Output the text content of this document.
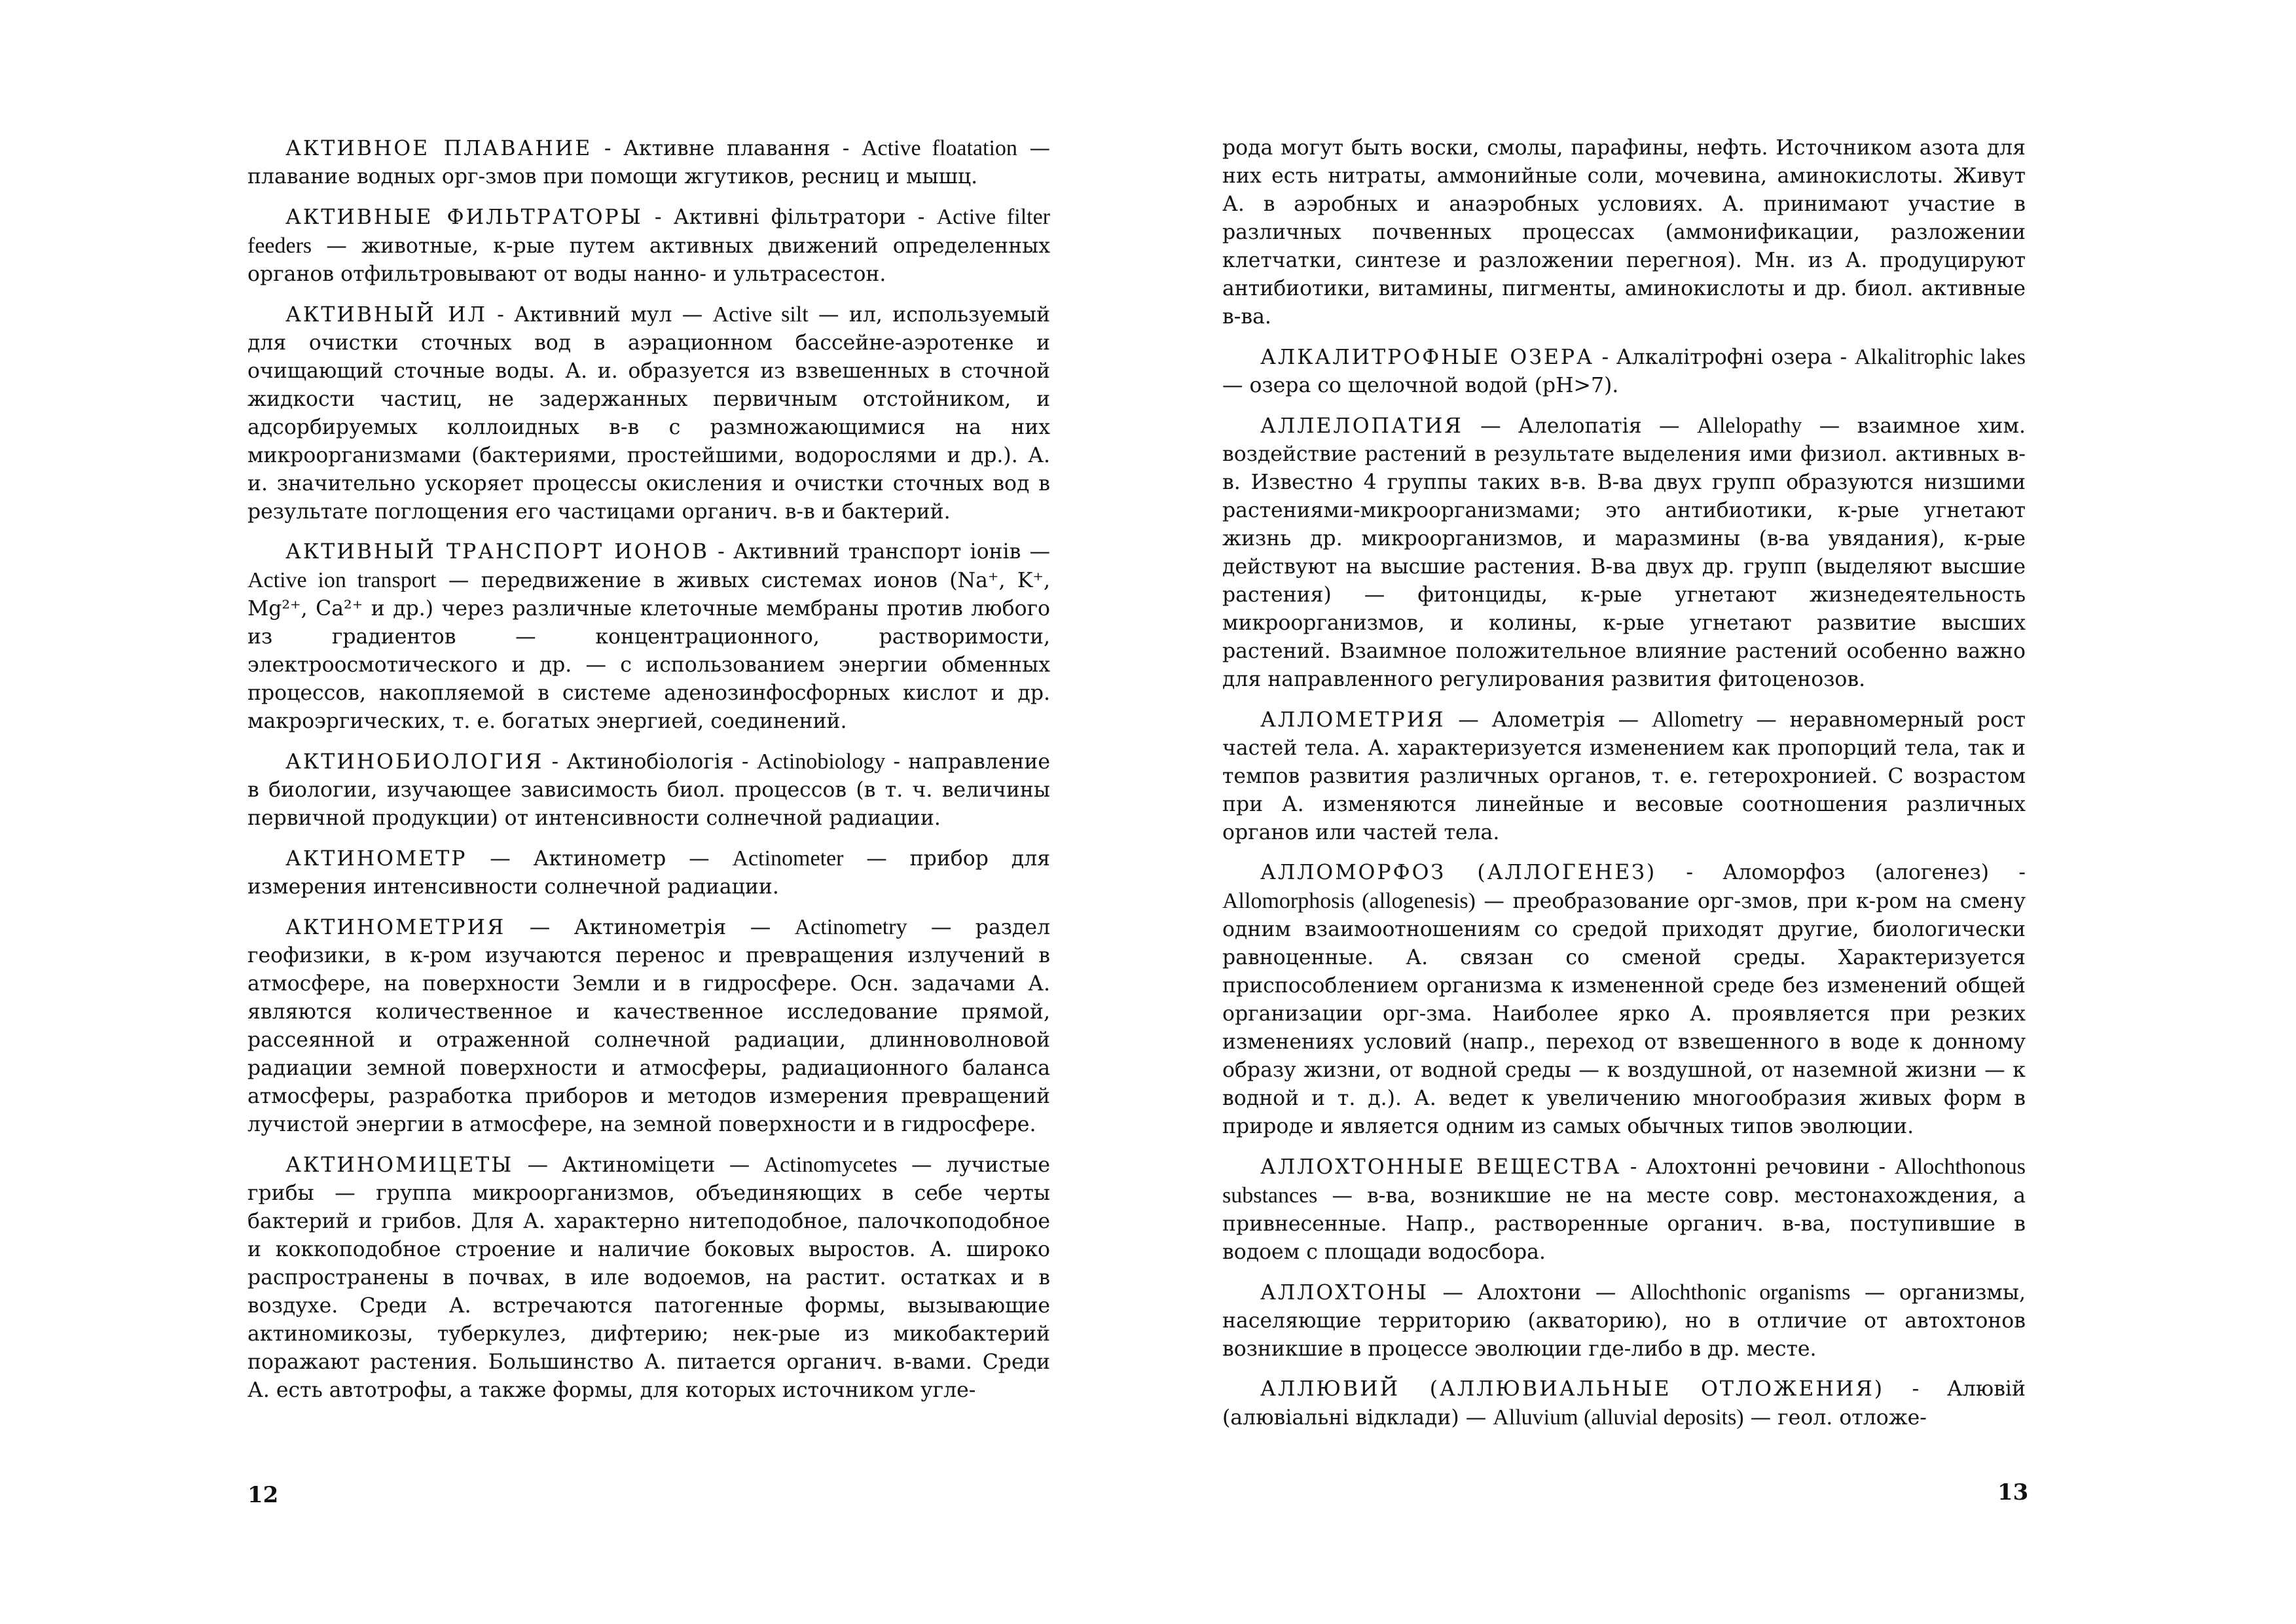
АКТИВНОЕ ПЛАВАНИЕ - Активне плавання - Active floatation — плавание водных орг-змов при помощи жгутиков, ресниц и мышц.

АКТИВНЫЕ ФИЛЬТРАТОРЫ - Активні фільтратори - Active filter feeders — животные, к-рые путем активных движений определенных органов отфильтровывают от воды нанно- и ультрасестон.

АКТИВНЫЙ ИЛ - Активний мул — Active silt — ил, используемый для очистки сточных вод в аэрационном бассейне-аэротенке и очищающий сточные воды. А. и. образуется из взвешенных в сточной жидкости частиц, не задержанных первичным отстойником, и адсорбируемых коллоидных в-в с размножающимися на них микроорганизмами (бактериями, простейшими, водорослями и др.). А. и. значительно ускоряет процессы окисления и очистки сточных вод в результате поглощения его частицами органич. в-в и бактерий.

АКТИВНЫЙ ТРАНСПОРТ ИОНОВ - Активний транспорт іонів — Active ion transport — передвижение в живых системах ионов (Na⁺, K⁺, Mg²⁺, Ca²⁺ и др.) через различные клеточные мембраны против любого из градиентов — концентрационного, растворимости, электроосмотического и др. — с использованием энергии обменных процессов, накопляемой в системе аденозинфосфорных кислот и др. макроэргических, т. е. богатых энергией, соединений.

АКТИНОБИОЛОГИЯ - Актинобіологія - Actinobiology - направление в биологии, изучающее зависимость биол. процессов (в т. ч. величины первичной продукции) от интенсивности солнечной радиации.

АКТИНОМЕТР — Актинометр — Actinometer — прибор для измерения интенсивности солнечной радиации.

АКТИНОМЕТРИЯ — Актинометрія — Actinometry — раздел геофизики, в к-ром изучаются перенос и превращения излучений в атмосфере, на поверхности Земли и в гидросфере. Осн. задачами А. являются количественное и качественное исследование прямой, рассеянной и отраженной солнечной радиации, длинноволновой радиации земной поверхности и атмосферы, радиационного баланса атмосферы, разработка приборов и методов измерения превращений лучистой энергии в атмосфере, на земной поверхности и в гидросфере.

АКТИНОМИЦЕТЫ — Актиноміцети — Actinomycetes — лучистые грибы — группа микроорганизмов, объединяющих в себе черты бактерий и грибов. Для А. характерно нитеподобное, палочкоподобное и коккоподобное строение и наличие боковых выростов. А. широко распространены в почвах, в иле водоемов, на растит. остатках и в воздухе. Среди А. встречаются патогенные формы, вызывающие актиномикозы, туберкулез, дифтерию; нек-рые из микобактерий поражают растения. Большинство А. питается органич. в-вами. Среди А. есть автотрофы, а также формы, для которых источником угле-

12

рода могут быть воски, смолы, парафины, нефть. Источником азота для них есть нитраты, аммонийные соли, мочевина, аминокислоты. Живут А. в аэробных и анаэробных условиях. А. принимают участие в различных почвенных процессах (аммонификации, разложении клетчатки, синтезе и разложении перегноя). Мн. из А. продуцируют антибиотики, витамины, пигменты, аминокислоты и др. биол. активные в-ва.

АЛКАЛИТРОФНЫЕ ОЗЕРА - Алкалітрофні озера - Alkalitrophic lakes — озера со щелочной водой (pH>7).

АЛЛЕЛОПАТИЯ — Алелопатія — Allelopathy — взаимное хим. воздействие растений в результате выделения ими физиол. активных в-в. Известно 4 группы таких в-в. В-ва двух групп образуются низшими растениями-микроорганизмами; это антибиотики, к-рые угнетают жизнь др. микроорганизмов, и маразмины (в-ва увядания), к-рые действуют на высшие растения. В-ва двух др. групп (выделяют высшие растения) — фитонциды, к-рые угнетают жизнедеятельность микроорганизмов, и колины, к-рые угнетают развитие высших растений. Взаимное положительное влияние растений особенно важно для направленного регулирования развития фитоценозов.

АЛЛОМЕТРИЯ — Алометрія — Allometry — неравномерный рост частей тела. А. характеризуется изменением как пропорций тела, так и темпов развития различных органов, т. е. гетерохронией. С возрастом при А. изменяются линейные и весовые соотношения различных органов или частей тела.

АЛЛОМОРФОЗ (АЛЛОГЕНЕЗ) - Аломорфоз (алогенез) - Allomorphosis (allogenesis) — преобразование орг-змов, при к-ром на смену одним взаимоотношениям со средой приходят другие, биологически равноценные. А. связан со сменой среды. Характеризуется приспособлением организма к измененной среде без изменений общей организации орг-зма. Наиболее ярко А. проявляется при резких изменениях условий (напр., переход от взвешенного в воде к донному образу жизни, от водной среды — к воздушной, от наземной жизни — к водной и т. д.). А. ведет к увеличению многообразия живых форм в природе и является одним из самых обычных типов эволюции.

АЛЛОХТОННЫЕ ВЕЩЕСТВА - Алохтонні речовини - Allochthonous substances — в-ва, возникшие не на месте совр. местонахождения, а привнесенные. Напр., растворенные органич. в-ва, поступившие в водоем с площади водосбора.

АЛЛОХТОНЫ — Алохтони — Allochthonic organisms — организмы, населяющие территорию (акваторию), но в отличие от автохтонов возникшие в процессе эволюции где-либо в др. месте.

АЛЛЮВИЙ (АЛЛЮВИАЛЬНЫЕ ОТЛОЖЕНИЯ) - Алювій (алювіальні відклади) — Alluvium (alluvial deposits) — геол. отложе-

13
